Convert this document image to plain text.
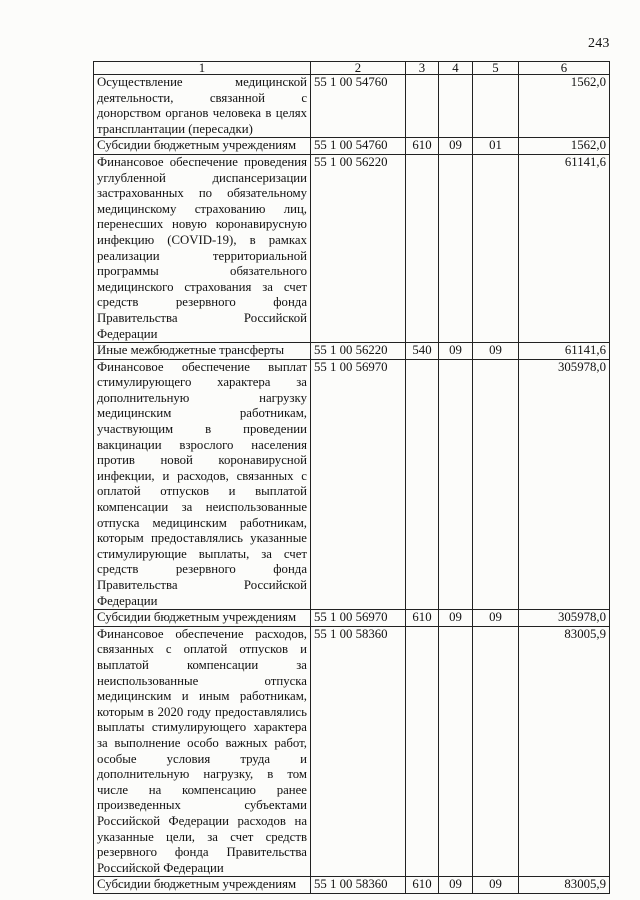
243
1	2	3	4	5	6
Осуществление медицинской деятельности, связанной с донорством органов человека в целях трансплантации (пересадки)	55 1 00 54760				1562,0
Субсидии бюджетным учреждениям	55 1 00 54760	610	09	01	1562,0
Финансовое обеспечение проведения углубленной диспансеризации застрахованных по обязательному медицинскому страхованию лиц, перенесших новую коронавирусную инфекцию (COVID-19), в рамках реализации территориальной программы обязательного медицинского страхования за счет средств резервного фонда Правительства Российской Федерации	55 1 00 56220				61141,6
Иные межбюджетные трансферты	55 1 00 56220	540	09	09	61141,6
Финансовое обеспечение выплат стимулирующего характера за дополнительную нагрузку медицинским работникам, участвующим в проведении вакцинации взрослого населения против новой коронавирусной инфекции, и расходов, связанных с оплатой отпусков и выплатой компенсации за неиспользованные отпуска медицинским работникам, которым предоставлялись указанные стимулирующие выплаты, за счет средств резервного фонда Правительства Российской Федерации	55 1 00 56970				305978,0
Субсидии бюджетным учреждениям	55 1 00 56970	610	09	09	305978,0
Финансовое обеспечение расходов, связанных с оплатой отпусков и выплатой компенсации за неиспользованные отпуска медицинским и иным работникам, которым в 2020 году предоставлялись выплаты стимулирующего характера за выполнение особо важных работ, особые условия труда и дополнительную нагрузку, в том числе на компенсацию ранее произведенных субъектами Российской Федерации расходов на указанные цели, за счет средств резервного фонда Правительства Российской Федерации	55 1 00 58360				83005,9
Субсидии бюджетным учреждениям	55 1 00 58360	610	09	09	83005,9
